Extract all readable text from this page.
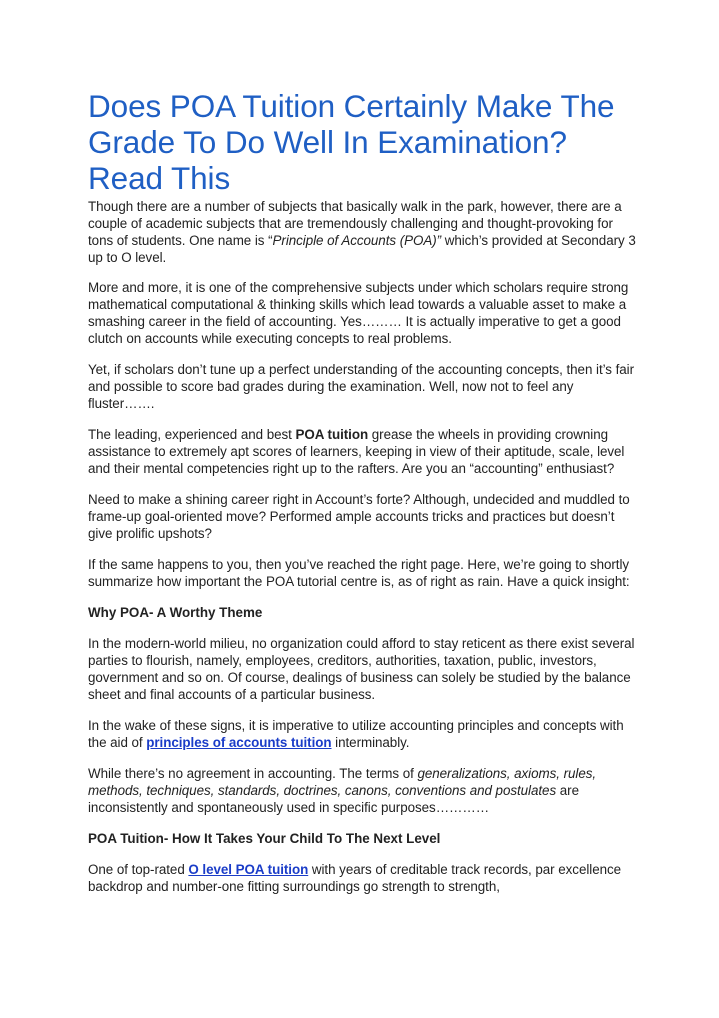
Does POA Tuition Certainly Make The Grade To Do Well In Examination? Read This

Though there are a number of subjects that basically walk in the park, however, there are a couple of academic subjects that are tremendously challenging and thought-provoking for tons of students. One name is “Principle of Accounts (POA)” which’s provided at Secondary 3 up to O level.

More and more, it is one of the comprehensive subjects under which scholars require strong mathematical computational & thinking skills which lead towards a valuable asset to make a smashing career in the field of accounting. Yes……… It is actually imperative to get a good clutch on accounts while executing concepts to real problems.

Yet, if scholars don’t tune up a perfect understanding of the accounting concepts, then it’s fair and possible to score bad grades during the examination. Well, now not to feel any fluster…….

The leading, experienced and best POA tuition grease the wheels in providing crowning assistance to extremely apt scores of learners, keeping in view of their aptitude, scale, level and their mental competencies right up to the rafters. Are you an “accounting” enthusiast?

Need to make a shining career right in Account’s forte? Although, undecided and muddled to frame-up goal-oriented move? Performed ample accounts tricks and practices but doesn’t give prolific upshots?

If the same happens to you, then you’ve reached the right page. Here, we’re going to shortly summarize how important the POA tutorial centre is, as of right as rain. Have a quick insight:

Why POA- A Worthy Theme

In the modern-world milieu, no organization could afford to stay reticent as there exist several parties to flourish, namely, employees, creditors, authorities, taxation, public, investors, government and so on. Of course, dealings of business can solely be studied by the balance sheet and final accounts of a particular business.

In the wake of these signs, it is imperative to utilize accounting principles and concepts with the aid of principles of accounts tuition interminably.

While there’s no agreement in accounting. The terms of generalizations, axioms, rules, methods, techniques, standards, doctrines, canons, conventions and postulates are inconsistently and spontaneously used in specific purposes…………

POA Tuition- How It Takes Your Child To The Next Level

One of top-rated O level POA tuition with years of creditable track records, par excellence backdrop and number-one fitting surroundings go strength to strength,
